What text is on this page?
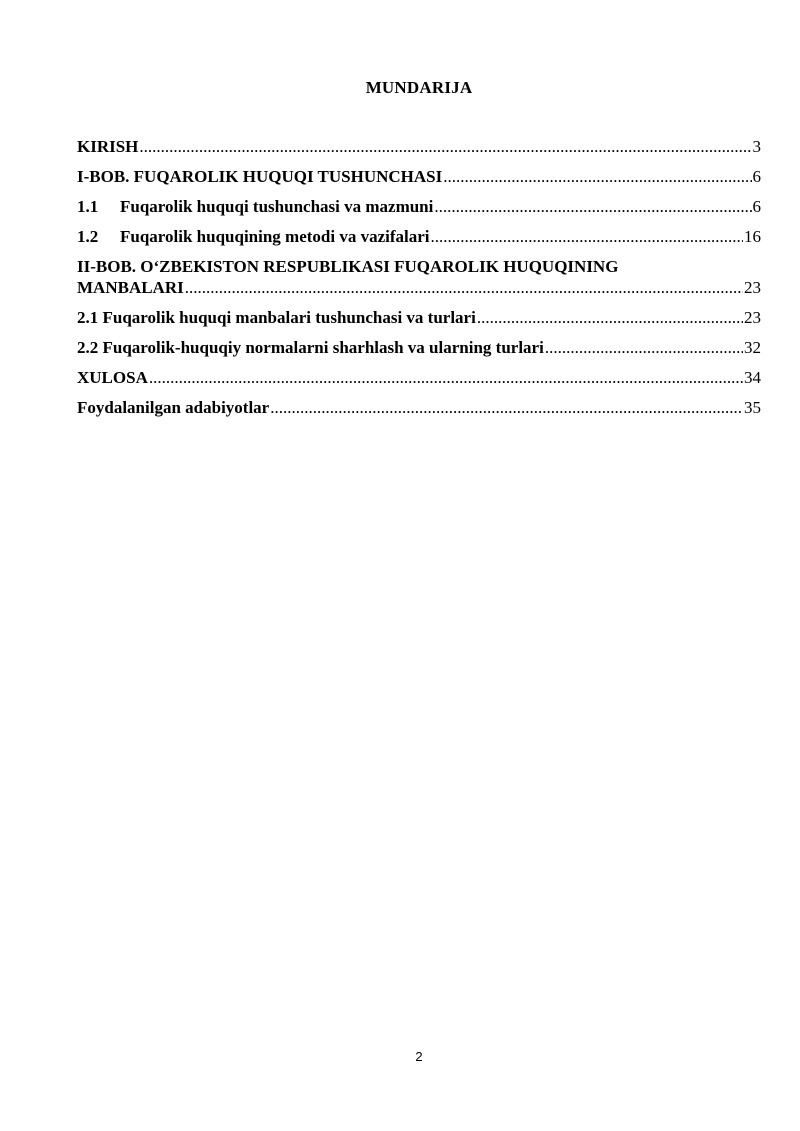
MUNDARIJA
KIRISH .....	3
I-BOB. FUQAROLIK HUQUQI TUSHUNCHASI .....	6
1.1	Fuqarolik huquqi tushunchasi va mazmuni .....	6
1.2	Fuqarolik huquqining metodi va vazifalari .....	16
II-BOB. O‘ZBEKISTON RESPUBLIKASI FUQAROLIK HUQUQINING
MANBALARI .....	23
2.1 Fuqarolik huquqi manbalari tushunchasi va turlari .....	23
2.2 Fuqarolik-huquqiy normalarni sharhlash va ularning turlari .....	32
XULOSA .....	34
Foydalanilgan adabiyotlar .....	35
2
